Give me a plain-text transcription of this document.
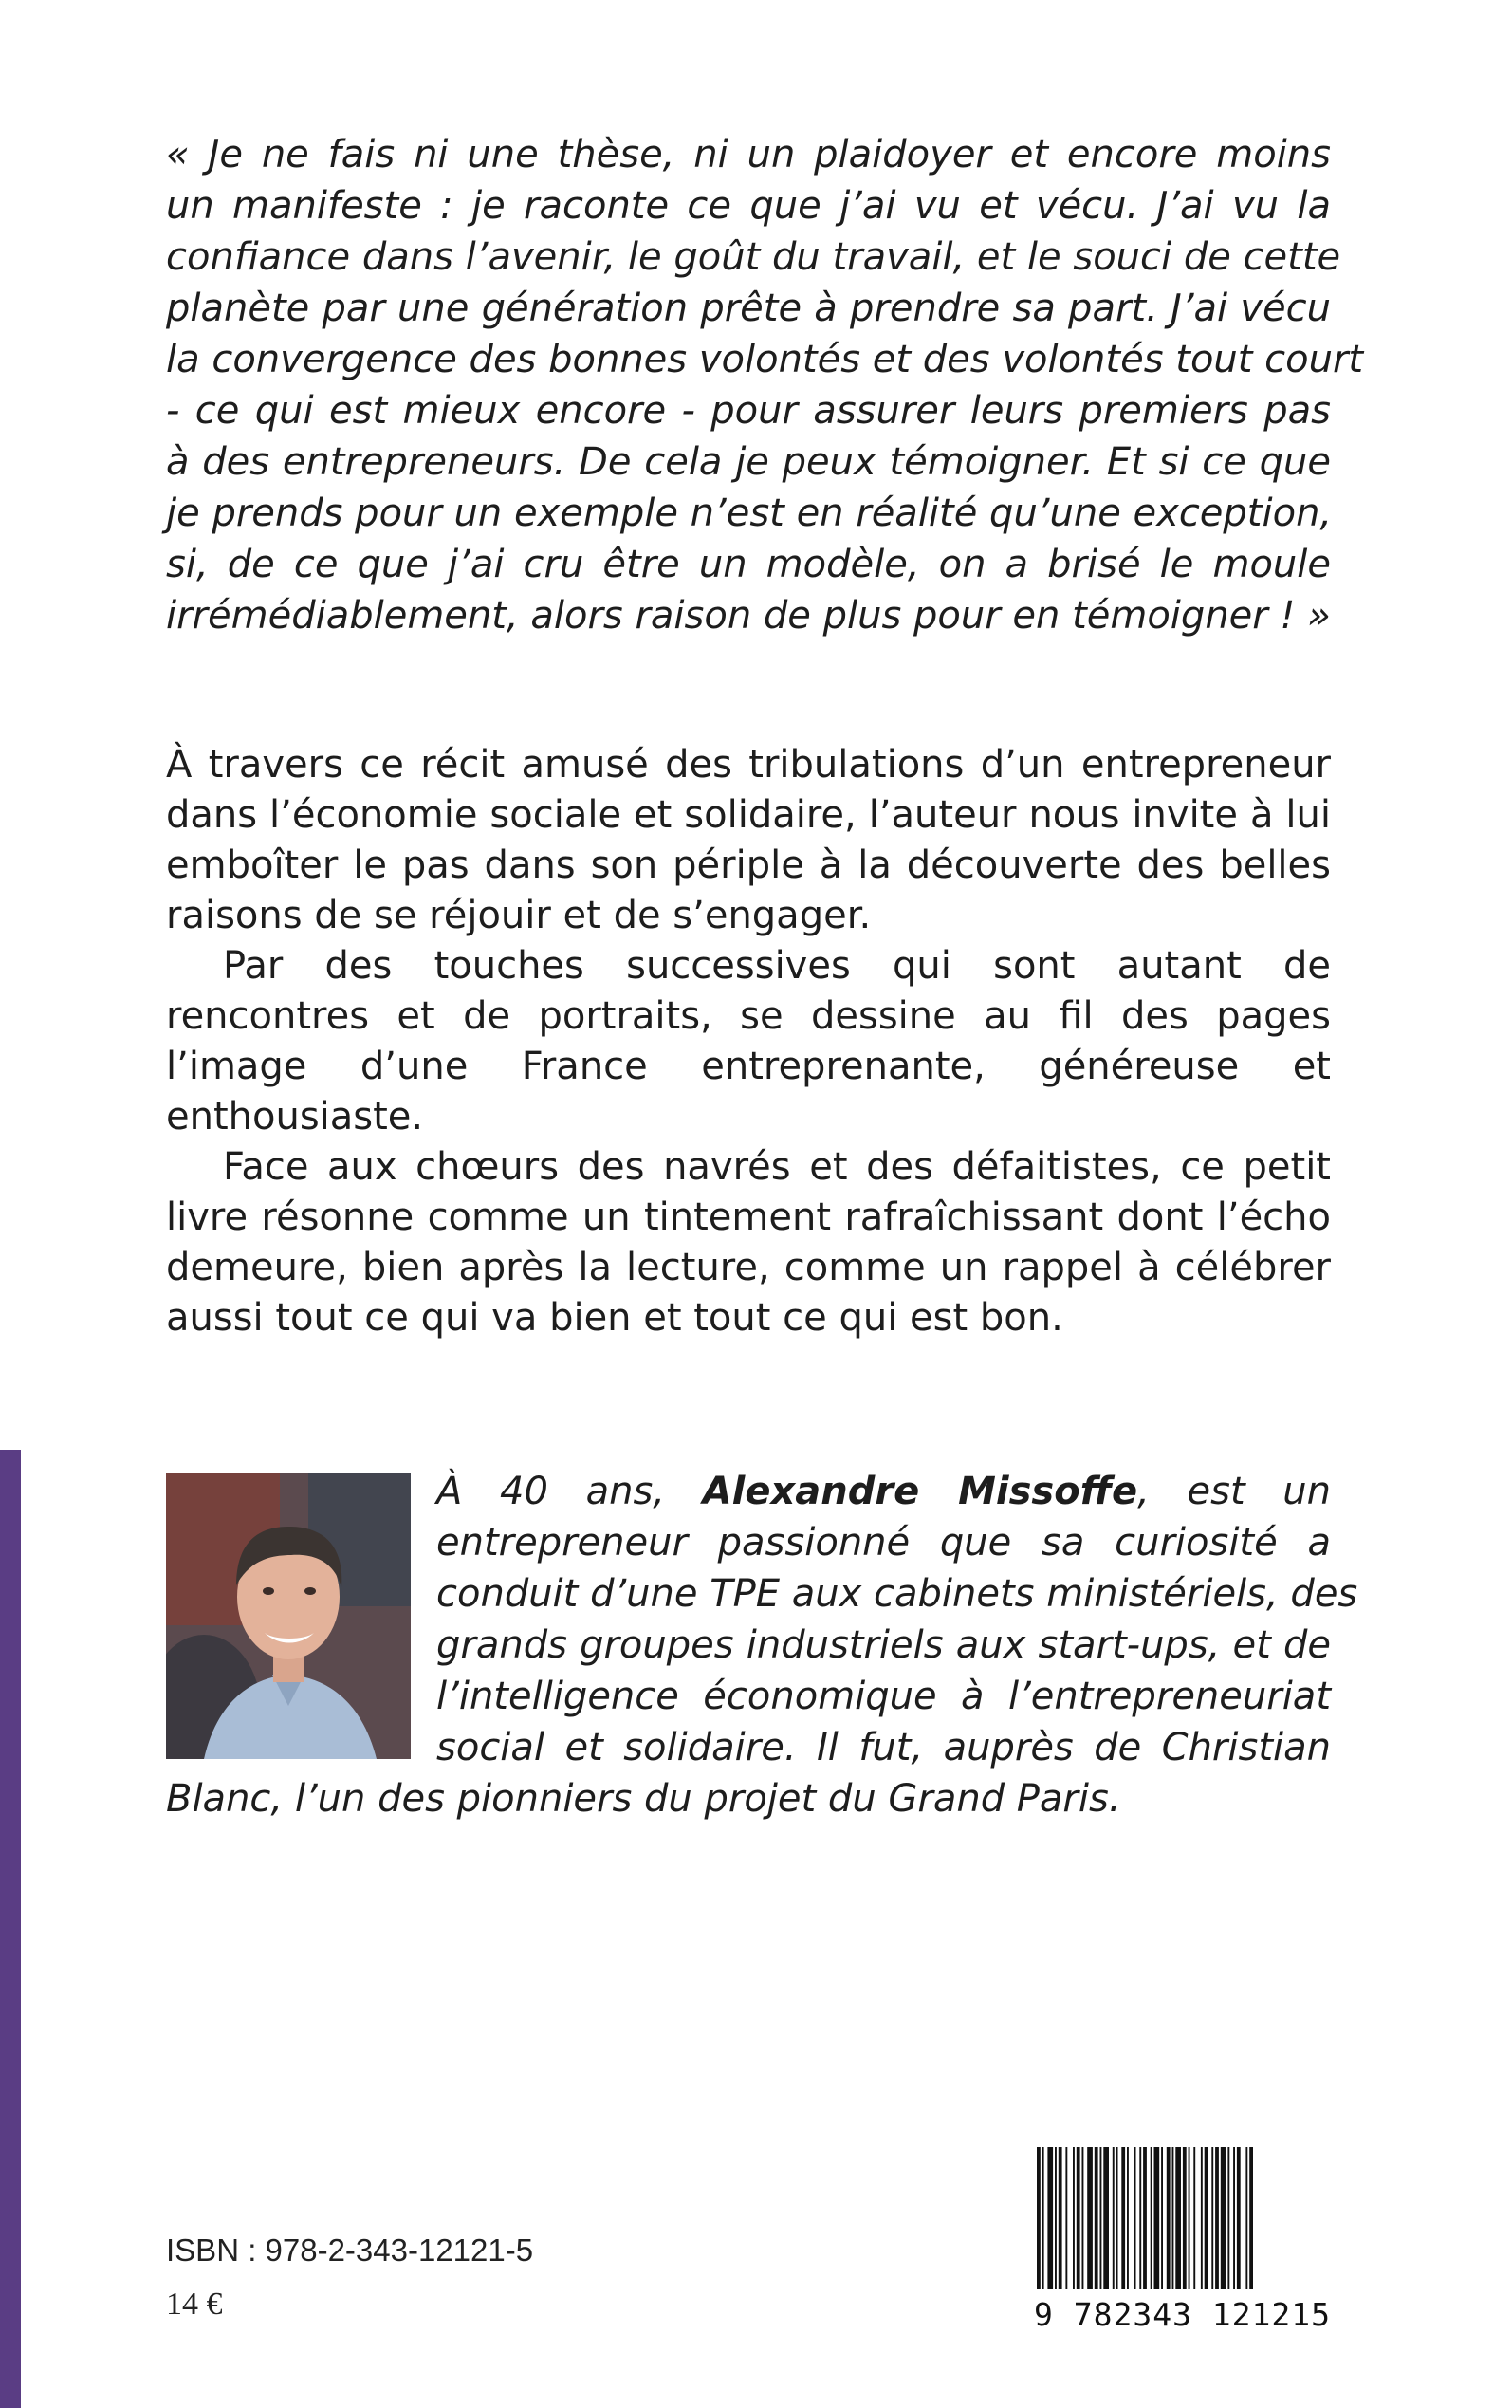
« Je ne fais ni une thèse, ni un plaidoyer et encore moins
un manifeste : je raconte ce que j’ai vu et vécu. J’ai vu la
confiance dans l’avenir, le goût du travail, et le souci de cette
planète par une génération prête à prendre sa part. J’ai vécu
la convergence des bonnes volontés et des volontés tout court
- ce qui est mieux encore - pour assurer leurs premiers pas
à des entrepreneurs. De cela je peux témoigner. Et si ce que
je prends pour un exemple n’est en réalité qu’une exception,
si, de ce que j’ai cru être un modèle, on a brisé le moule
irrémédiablement, alors raison de plus pour en témoigner ! »

À travers ce récit amusé des tribulations d’un entrepreneur dans l’économie sociale et solidaire, l’auteur nous invite à lui emboîter le pas dans son périple à la découverte des belles raisons de se réjouir et de s’engager.

Par des touches successives qui sont autant de rencontres et de portraits, se dessine au fil des pages l’image d’une France entreprenante, généreuse et enthousiaste.

Face aux chœurs des navrés et des défaitistes, ce petit livre résonne comme un tintement rafraîchissant dont l’écho demeure, bien après la lecture, comme un rappel à célébrer aussi tout ce qui va bien et tout ce qui est bon.

À 40 ans, Alexandre Missoffe, est un
entrepreneur passionné que sa curiosité a
conduit d’une TPE aux cabinets ministériels, des
grands groupes industriels aux start-ups, et de
l’intelligence économique à l’entrepreneuriat
social et solidaire. Il fut, auprès de Christian
Blanc, l’un des pionniers du projet du Grand Paris.
ISBN : 978-2-343-12121-5
14 €	9 782343 121215
